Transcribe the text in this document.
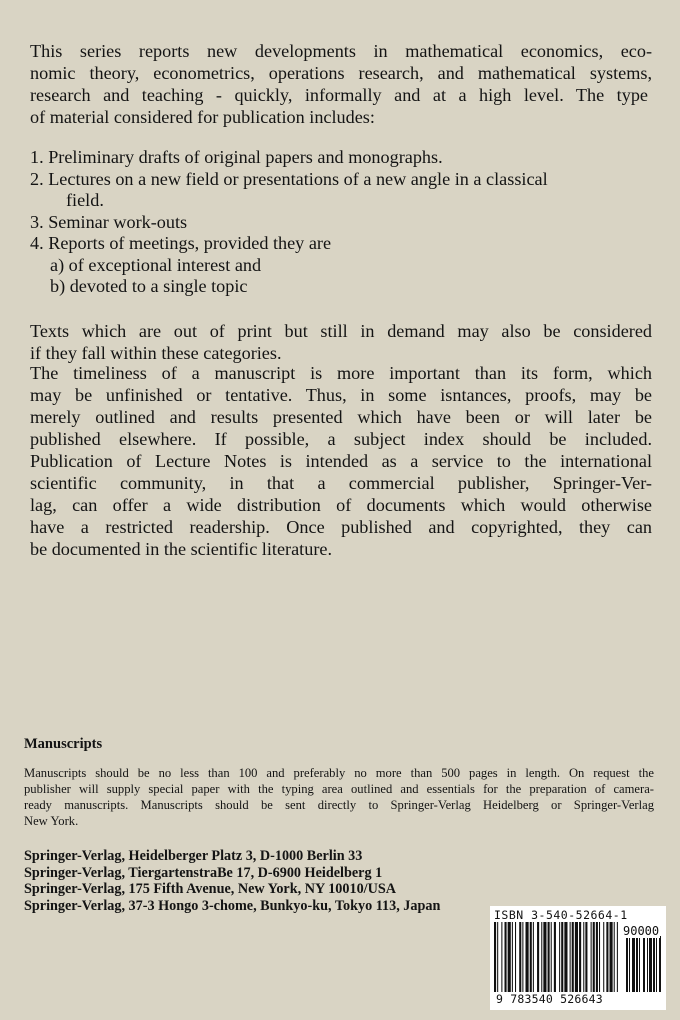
This series reports new developments in mathematical economics, eco-

nomic theory, econometrics, operations research, and mathematical systems,

research and teaching - quickly, informally and at a high level. The type

of material considered for publication includes:

1. Preliminary drafts of original papers and monographs.
2. Lectures on a new field or presentations of a new angle in a classical
field.
3. Seminar work-outs
4. Reports of meetings, provided they are
a) of exceptional interest and
b) devoted to a single topic

Texts which are out of print but still in demand may also be considered

if they fall within these categories.

The timeliness of a manuscript is more important than its form, which

may be unfinished or tentative. Thus, in some isntances, proofs, may be

merely outlined and results presented which have been or will later be

published elsewhere. If possible, a subject index should be included.

Publication of Lecture Notes is intended as a service to the international

scientific community, in that a commercial publisher, Springer-Ver-

lag, can offer a wide distribution of documents which would otherwise

have a restricted readership. Once published and copyrighted, they can

be documented in the scientific literature.

Manuscripts

Manuscripts should be no less than 100 and preferably no more than 500 pages in length. On request the

publisher will supply special paper with the typing area outlined and essentials for the preparation of camera-

ready manuscripts. Manuscripts should be sent directly to Springer-Verlag Heidelberg or Springer-Verlag

New York.

Springer-Verlag, Heidelberger Platz 3, D-1000 Berlin 33
Springer-Verlag, TiergartenstraBe 17, D-6900 Heidelberg 1
Springer-Verlag, 175 Fifth Avenue, New York, NY 10010/USA
Springer-Verlag, 37-3 Hongo 3-chome, Bunkyo-ku, Tokyo 113, Japan
ISBN 3-540-52664-1
90000
9 783540 526643
